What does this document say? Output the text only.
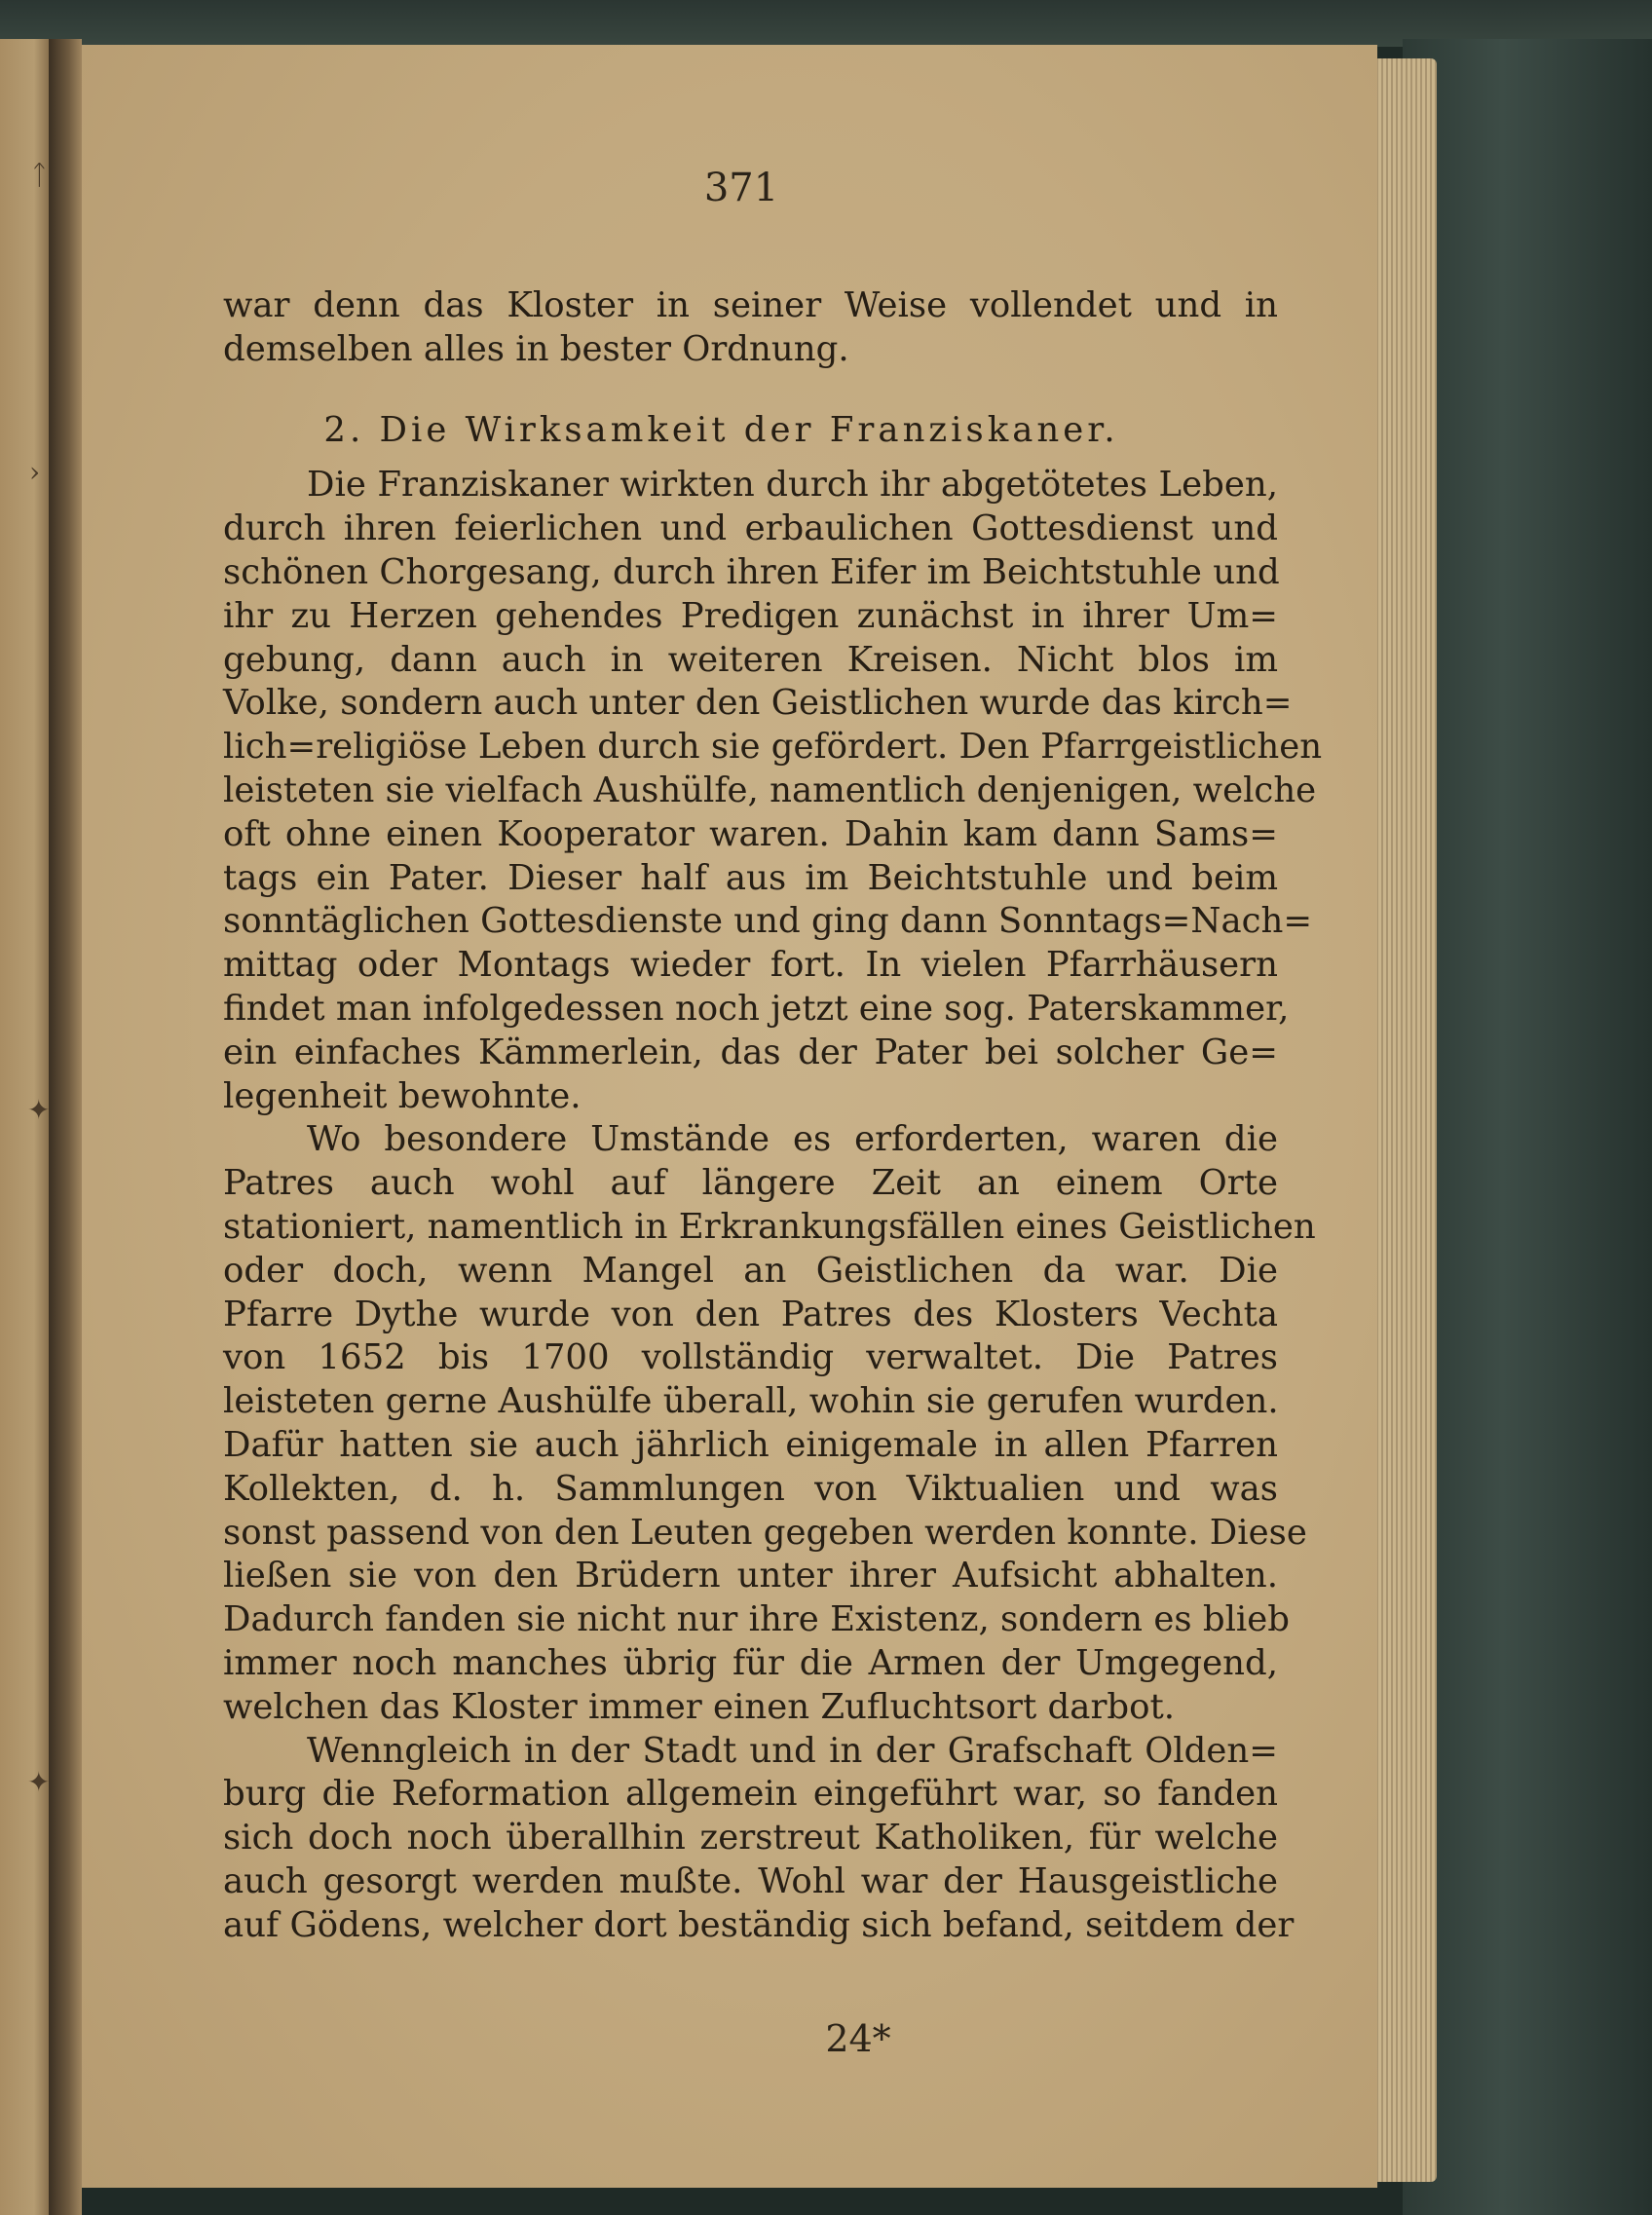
ᛏ
›
✦
✦
371
war denn das Kloster in seiner Weise vollendet und in
demselben alles in bester Ordnung.
2. Die Wirksamkeit der Franziskaner.
Die Franziskaner wirkten durch ihr abgetötetes Leben,
durch ihren feierlichen und erbaulichen Gottesdienst und
schönen Chorgesang, durch ihren Eifer im Beichtstuhle und
ihr zu Herzen gehendes Predigen zunächst in ihrer Um=
gebung, dann auch in weiteren Kreisen. Nicht blos im
Volke, sondern auch unter den Geistlichen wurde das kirch=
lich=religiöse Leben durch sie gefördert. Den Pfarrgeistlichen
leisteten sie vielfach Aushülfe, namentlich denjenigen, welche
oft ohne einen Kooperator waren. Dahin kam dann Sams=
tags ein Pater. Dieser half aus im Beichtstuhle und beim
sonntäglichen Gottesdienste und ging dann Sonntags=Nach=
mittag oder Montags wieder fort. In vielen Pfarrhäusern
findet man infolgedessen noch jetzt eine sog. Paterskammer,
ein einfaches Kämmerlein, das der Pater bei solcher Ge=
legenheit bewohnte.
Wo besondere Umstände es erforderten, waren die
Patres auch wohl auf längere Zeit an einem Orte
stationiert, namentlich in Erkrankungsfällen eines Geistlichen
oder doch, wenn Mangel an Geistlichen da war. Die
Pfarre Dythe wurde von den Patres des Klosters Vechta
von 1652 bis 1700 vollständig verwaltet. Die Patres
leisteten gerne Aushülfe überall, wohin sie gerufen wurden.
Dafür hatten sie auch jährlich einigemale in allen Pfarren
Kollekten, d. h. Sammlungen von Viktualien und was
sonst passend von den Leuten gegeben werden konnte. Diese
ließen sie von den Brüdern unter ihrer Aufsicht abhalten.
Dadurch fanden sie nicht nur ihre Existenz, sondern es blieb
immer noch manches übrig für die Armen der Umgegend,
welchen das Kloster immer einen Zufluchtsort darbot.
Wenngleich in der Stadt und in der Grafschaft Olden=
burg die Reformation allgemein eingeführt war, so fanden
sich doch noch überallhin zerstreut Katholiken, für welche
auch gesorgt werden mußte. Wohl war der Hausgeistliche
auf Gödens, welcher dort beständig sich befand, seitdem der
24*
